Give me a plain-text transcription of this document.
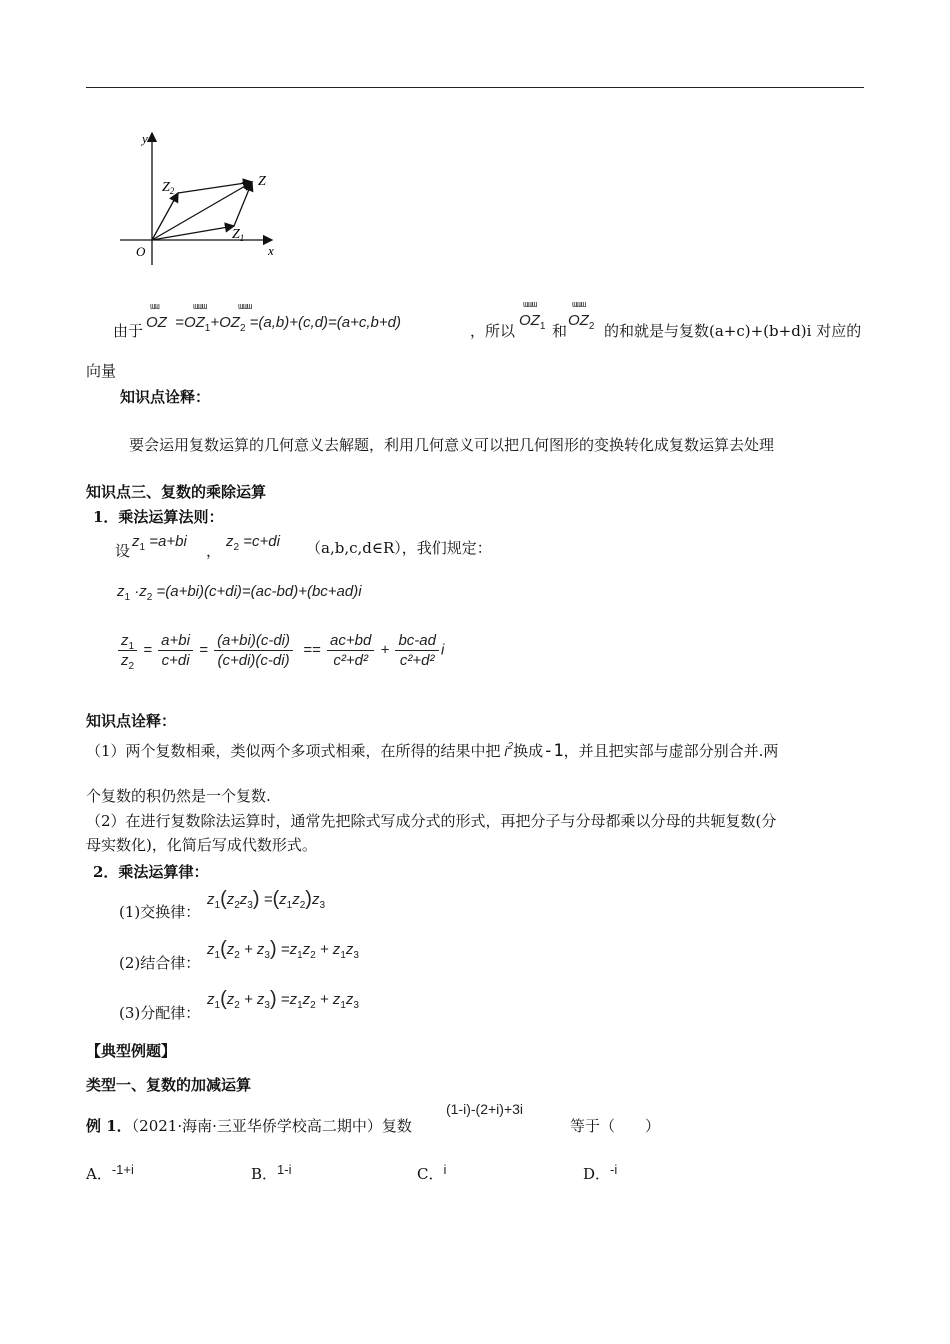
y
x
O
Z
$Z_2$
$Z_1$
由于
ɯɯ	ɯɯɯ	ɯɯɯ
OZ  $=OZ_1+OZ_2 =(a,b)+(c,d)=(a+c,b+d)$	，所以
ɯɯɯ
$OZ_1$ 和
ɯɯɯ
$OZ_2$ 的和就是与复数(a+c)+(b+d)i 对应的
向量
知识点诠释：
要会运用复数运算的几何意义去解题，利用几何意义可以把几何图形的变换转化成复数运算去处理
知识点三、复数的乘除运算
1．乘法运算法则：
设
$z_1 =a+bi$
，
$z_2 =c+di$ （a,b,c,d∈R），我们规定：
$z_1 \cdot z_2 =(a+bi)(c+di)=(ac-bd)+(bc+ad)i$
$\frac{z_1}{z_2} = \frac{a+bi}{c+di} = \frac{(a+bi)(c-di)}{(c+di)(c-di)} == \frac{ac+bd}{\text{c²+d²}} + \frac{bc-ad}{\text{c²+d²}}$ i
知识点诠释：
（1）两个复数相乘，类似两个多项式相乘，在所得的结果中把 $i^2$换成-1，并且把实部与虚部分别合并.两
个复数的积仍然是一个复数.
（2）在进行复数除法运算时，通常先把除式写成分式的形式，再把分子与分母都乘以分母的共轭复数(分
母实数化)，化简后写成代数形式。
2．乘法运算律：
(1)交换律：
$z_1(z_2z_3) =(z_1z_2)z_3$
(2)结合律：
$z_1(z_2 + z_3) =z_1z_2 + z_1z_3$
(3)分配律：
$z_1(z_2 + z_3) =z_1z_2 + z_1z_3$
【典型例题】
类型一、复数的加减运算
例 1．（2021·海南·三亚华侨学校高二期中）复数
(1-i)-(2+i)+3i
等于（　　）
A．-1+i	B．1-i	C．i	D．-i
